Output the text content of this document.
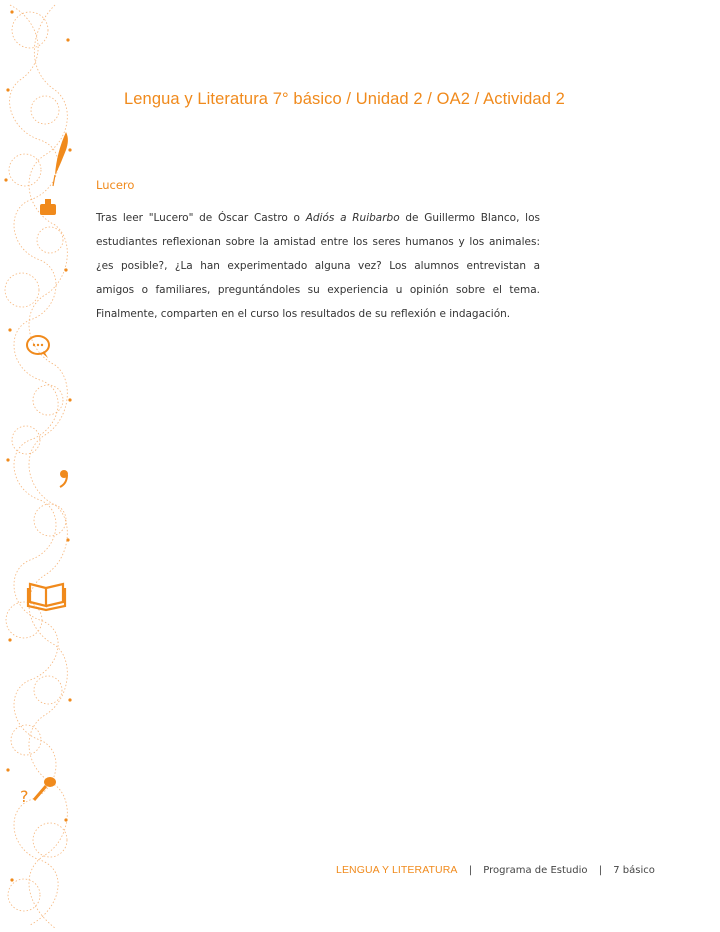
?
Lengua y Literatura 7° básico / Unidad 2 / OA2 / Actividad 2
Lucero
Tras leer "Lucero" de Óscar Castro o Adiós a Ruibarbo de Guillermo Blanco, los estudiantes reflexionan sobre la amistad entre los seres humanos y los animales: ¿es posible?, ¿La han experimentado alguna vez? Los alumnos entrevistan a amigos o familiares, preguntándoles su experiencia u opinión sobre el tema. Finalmente, comparten en el curso los resultados de su reflexión e indagación.
LENGUA Y LITERATURA | Programa de Estudio | 7 básico
